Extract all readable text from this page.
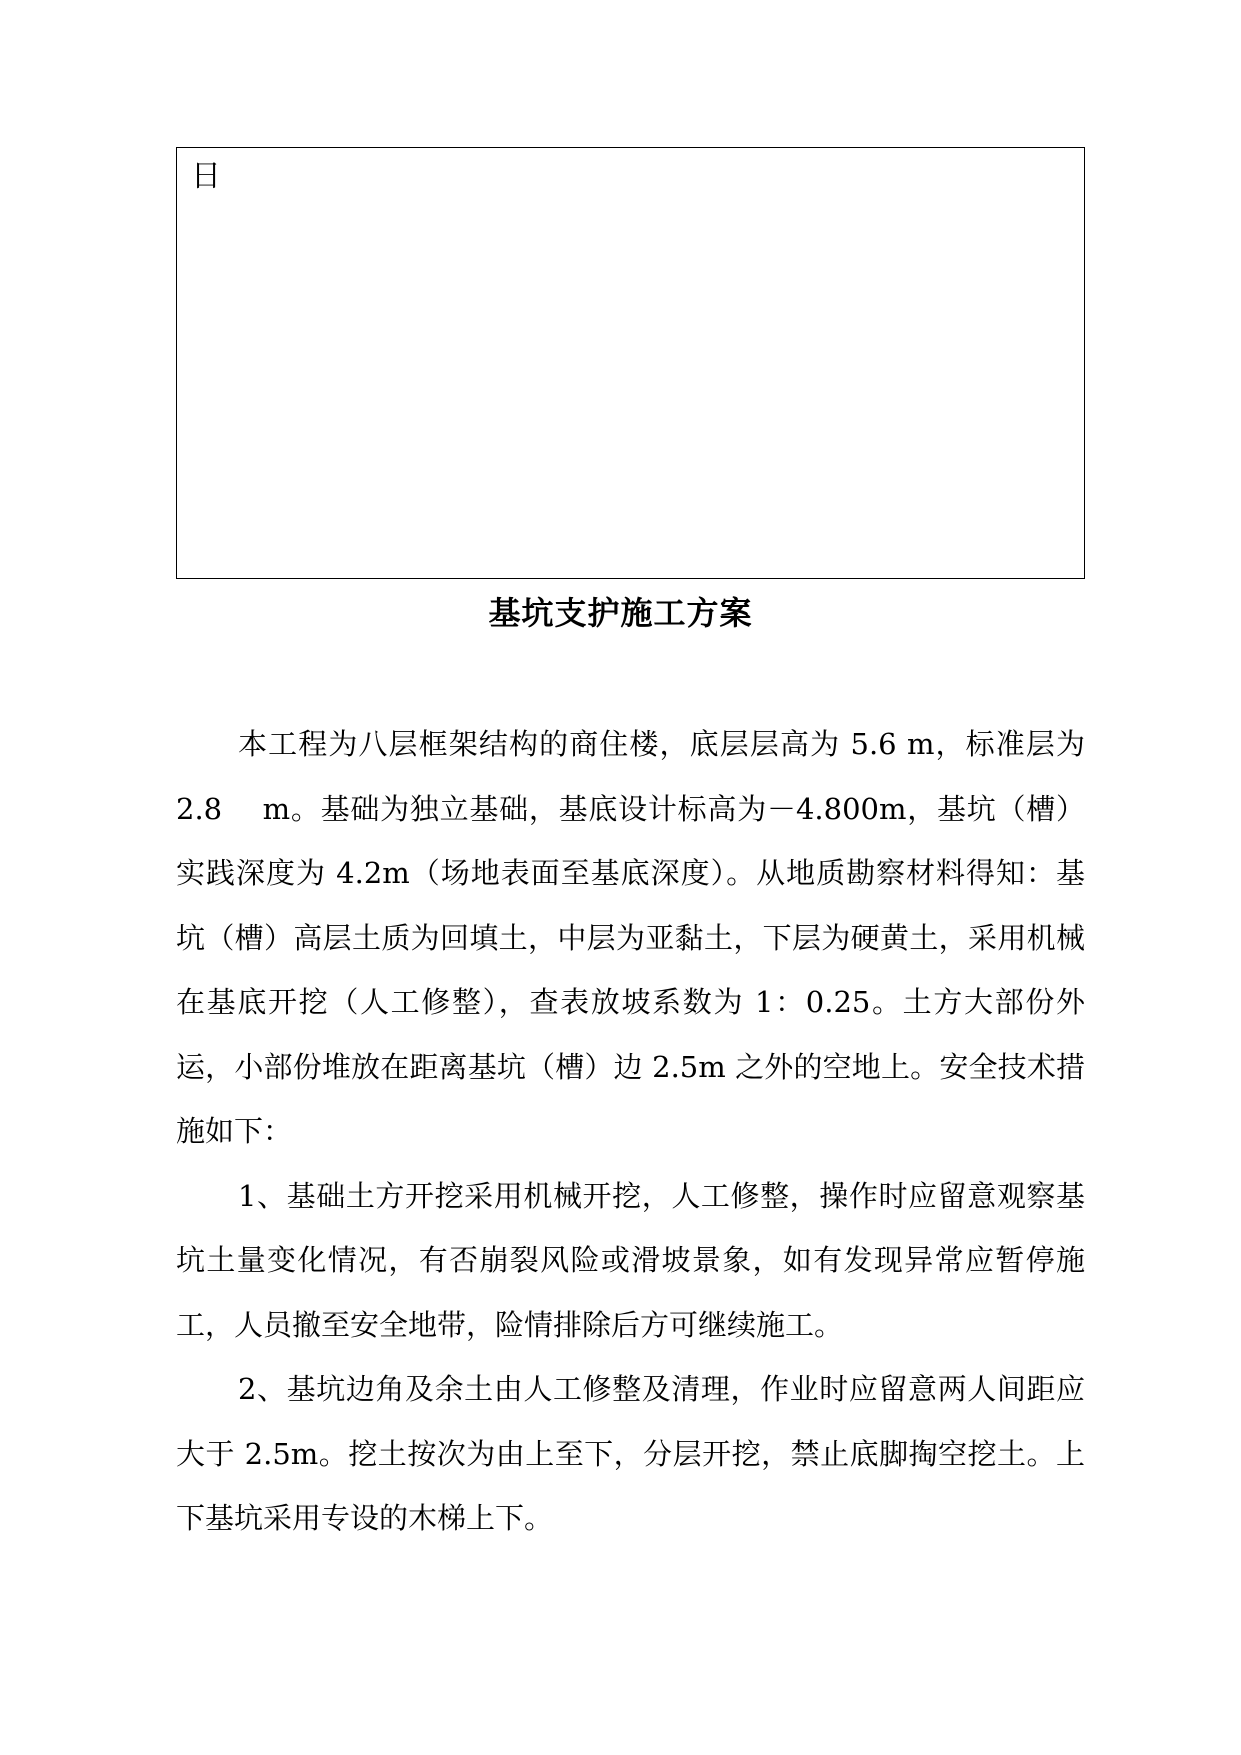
日
基坑支护施工方案

本工程为八层框架结构的商住楼，底层层高为 5.6 m，标准层为 2.8　 m。基础为独立基础，基底设计标高为－4.800m，基坑（槽）实践深度为 4.2m（场地表面至基底深度）。从地质勘察材料得知：基坑（槽）高层土质为回填土，中层为亚黏土，下层为硬黄土，采用机械在基底开挖（人工修整），查表放坡系数为 1：0.25。土方大部份外运，小部份堆放在距离基坑（槽）边 2.5m 之外的空地上。安全技术措施如下：

1、基础土方开挖采用机械开挖，人工修整，操作时应留意观察基坑土量变化情况，有否崩裂风险或滑坡景象，如有发现异常应暂停施工，人员撤至安全地带，险情排除后方可继续施工。

2、基坑边角及余土由人工修整及清理，作业时应留意两人间距应大于 2.5m。挖土按次为由上至下，分层开挖，禁止底脚掏空挖土。上下基坑采用专设的木梯上下。
